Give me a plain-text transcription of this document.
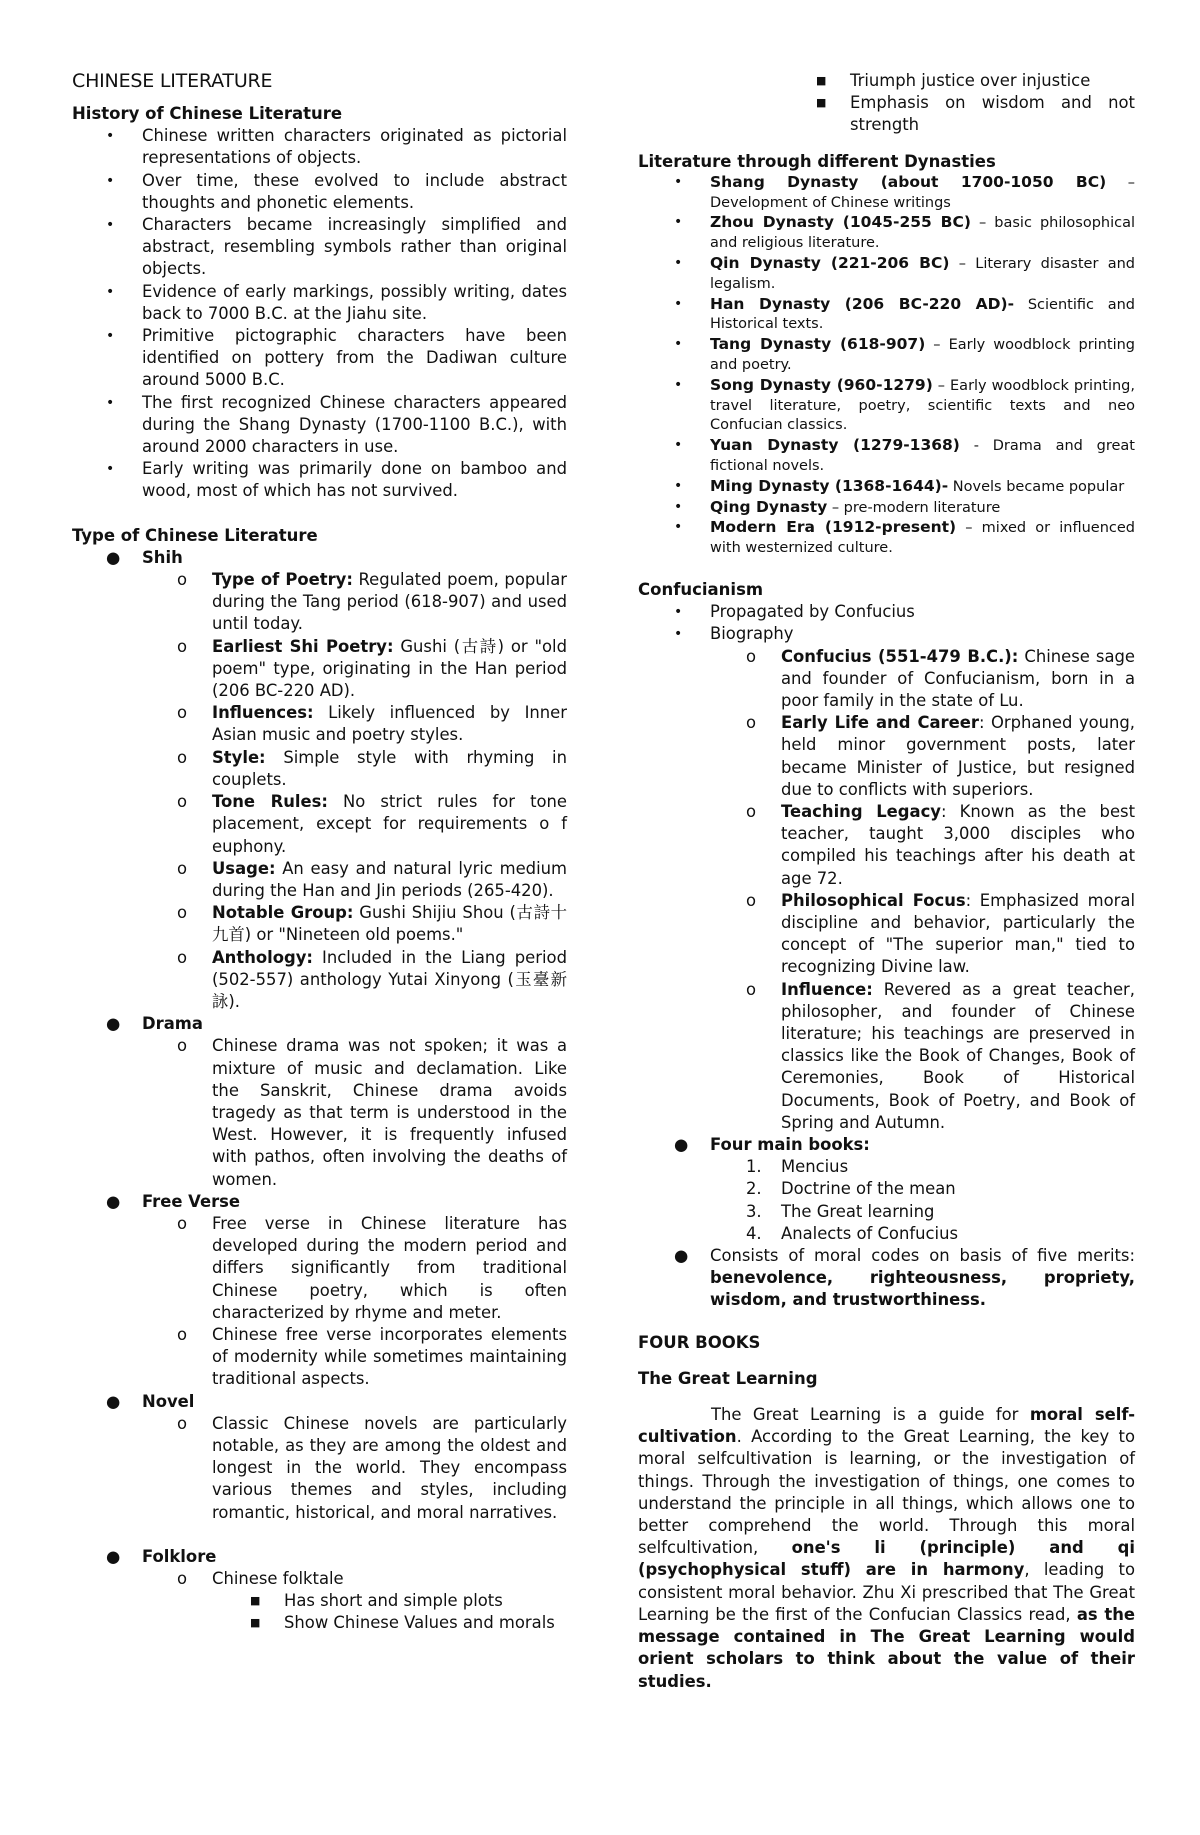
CHINESE LITERATURE

History of Chinese Literature

• Chinese written characters originated as pictorial representations of objects.
• Over time, these evolved to include abstract thoughts and phonetic elements.
• Characters became increasingly simplified and abstract, resembling symbols rather than original objects.
• Evidence of early markings, possibly writing, dates back to 7000 B.C. at the Jiahu site.
• Primitive pictographic characters have been identified on pottery from the Dadiwan culture around 5000 B.C.
• The first recognized Chinese characters appeared during the Shang Dynasty (1700-1100 B.C.), with around 2000 characters in use.
• Early writing was primarily done on bamboo and wood, most of which has not survived.

Type of Chinese Literature

● Shih
o Type of Poetry: Regulated poem, popular during the Tang period (618-907) and used until today.
o Earliest Shi Poetry: Gushi (古詩) or "old poem" type, originating in the Han period (206 BC-220 AD).
o Influences: Likely influenced by Inner Asian music and poetry styles.
o Style: Simple style with rhyming in couplets.
o Tone Rules: No strict rules for tone placement, except for requirements o f euphony.
o Usage: An easy and natural lyric medium during the Han and Jin periods (265-420).
o Notable Group: Gushi Shijiu Shou (古詩十九首) or "Nineteen old poems."
o Anthology: Included in the Liang period (502-557) anthology Yutai Xinyong (玉臺新詠).
● Drama
o Chinese drama was not spoken; it was a mixture of music and declamation. Like the Sanskrit, Chinese drama avoids tragedy as that term is understood in the West. However, it is frequently infused with pathos, often involving the deaths of women.
● Free Verse
o Free verse in Chinese literature has developed during the modern period and differs significantly from traditional Chinese poetry, which is often characterized by rhyme and meter.
o Chinese free verse incorporates elements of modernity while sometimes maintaining traditional aspects.
● Novel
o Classic Chinese novels are particularly notable, as they are among the oldest and longest in the world. They encompass various themes and styles, including romantic, historical, and moral narratives.
● Folklore
o Chinese folktale
■ Has short and simple plots
■ Show Chinese Values and morals
■ Triumph justice over injustice
■ Emphasis on wisdom and not strength

Literature through different Dynasties

• Shang Dynasty (about 1700-1050 BC) – Development of Chinese writings
• Zhou Dynasty (1045-255 BC) – basic philosophical and religious literature.
• Qin Dynasty (221-206 BC) – Literary disaster and legalism.
• Han Dynasty (206 BC-220 AD)- Scientific and Historical texts.
• Tang Dynasty (618-907) – Early woodblock printing and poetry.
• Song Dynasty (960-1279) – Early woodblock printing, travel literature, poetry, scientific texts and neo Confucian classics.
• Yuan Dynasty (1279-1368) - Drama and great fictional novels.
• Ming Dynasty (1368-1644)- Novels became popular
• Qing Dynasty – pre-modern literature
• Modern Era (1912-present) – mixed or influenced with westernized culture.

Confucianism

• Propagated by Confucius
• Biography
o Confucius (551-479 B.C.): Chinese sage and founder of Confucianism, born in a poor family in the state of Lu.
o Early Life and Career: Orphaned young, held minor government posts, later became Minister of Justice, but resigned due to conflicts with superiors.
o Teaching Legacy: Known as the best teacher, taught 3,000 disciples who compiled his teachings after his death at age 72.
o Philosophical Focus: Emphasized moral discipline and behavior, particularly the concept of "The superior man," tied to recognizing Divine law.
o Influence: Revered as a great teacher, philosopher, and founder of Chinese literature; his teachings are preserved in classics like the Book of Changes, Book of Ceremonies, Book of Historical Documents, Book of Poetry, and Book of Spring and Autumn.
● Four main books:
1. Mencius
2. Doctrine of the mean
3. The Great learning
4. Analects of Confucius
● Consists of moral codes on basis of five merits: benevolence, righteousness, propriety, wisdom, and trustworthiness.

FOUR BOOKS

The Great Learning

The Great Learning is a guide for moral self-cultivation. According to the Great Learning, the key to moral selfcultivation is learning, or the investigation of things. Through the investigation of things, one comes to understand the principle in all things, which allows one to better comprehend the world. Through this moral selfcultivation, one's li (principle) and qi (psychophysical stuff) are in harmony, leading to consistent moral behavior. Zhu Xi prescribed that The Great Learning be the first of the Confucian Classics read, as the message contained in The Great Learning would orient scholars to think about the value of their studies.
